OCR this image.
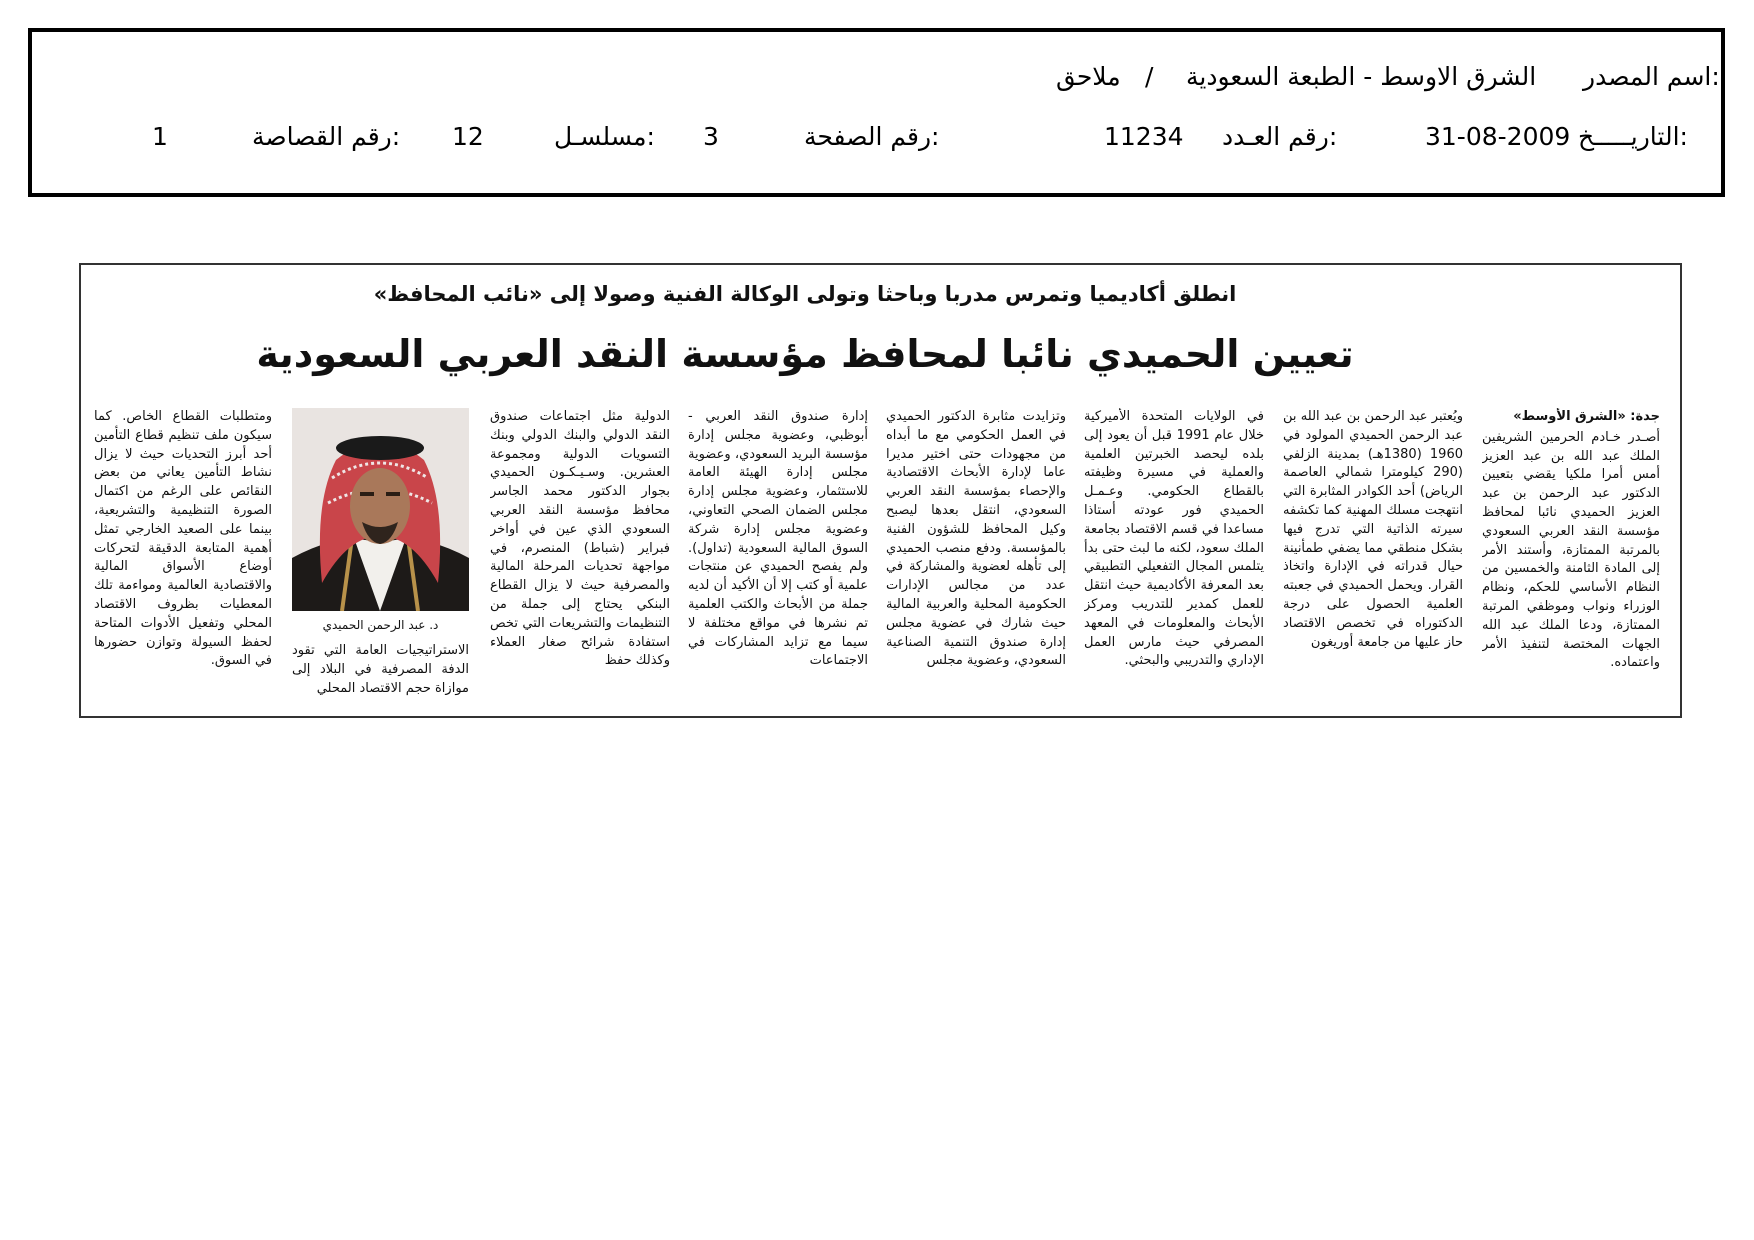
اسم المصدر:
الشرق الاوسط - الطبعة السعودية
/
ملاحق
التاريـــــخ:
31-08-2009
رقم العـدد:
11234
رقم الصفحة:
3
مسلسـل:
12
رقم القصاصة:
1
انطلق أكاديميا وتمرس مدربا وباحثا وتولى الوكالة الفنية وصولا إلى «نائب المحافظ»
تعيين الحميدي نائبا لمحافظ مؤسسة النقد العربي السعودية
جدة: «الشرق الأوسط»

أصـدر خـادم الحرمين الشريفين الملك عبد الله بن عبد العزيز أمس أمرا ملكيا يقضي بتعيين الدكتور عبد الرحمن بن عبد العزيز الحميدي نائبا لمحافظ مؤسسة النقد العربي السعودي بالمرتبة الممتازة، وأستند الأمر إلى المادة الثامنة والخمسين من النظام الأساسي للحكم، ونظام الوزراء ونواب وموظفي المرتبة الممتازة، ودعا الملك عبد الله الجهات المختصة لتنفيذ الأمر واعتماده.

ويُعتبر عبد الرحمن بن عبد الله بن عبد الرحمن الحميدي المولود في 1960 (1380هـ) بمدينة الزلفي (290 كيلومترا شمالي العاصمة الرياض) أحد الكوادر المثابرة التي انتهجت مسلك المهنية كما تكشفه سيرته الذاتية التي تدرج فيها بشكل منطقي مما يضفي طمأنينة حيال قدراته في الإدارة واتخاذ القرار. ويحمل الحميدي في جعبته العلمية الحصول على درجة الدكتوراه في تخصص الاقتصاد حاز عليها من جامعة أوريغون

في الولايات المتحدة الأميركية خلال عام 1991 قبل أن يعود إلى بلده ليحصد الخبرتين العلمية والعملية في مسيرة وظيفته بالقطاع الحكومي. وعـمـل الحميدي فور عودته أستاذا مساعدا في قسم الاقتصاد بجامعة الملك سعود، لكنه ما لبث حتى بدأ يتلمس المجال التفعيلي التطبيقي بعد المعرفة الأكاديمية حيث انتقل للعمل كمدير للتدريب ومركز الأبحاث والمعلومات في المعهد المصرفي حيث مارس العمل الإداري والتدريبي والبحثي.

وتزايدت مثابرة الدكتور الحميدي في العمل الحكومي مع ما أبداه من مجهودات حتى اختير مديرا عاما لإدارة الأبحاث الاقتصادية والإحصاء بمؤسسة النقد العربي السعودي، انتقل بعدها ليصبح وكيل المحافظ للشؤون الفنية بالمؤسسة. ودفع منصب الحميدي إلى تأهله لعضوية والمشاركة في عدد من مجالس الإدارات الحكومية المحلية والعربية المالية حيث شارك في عضوية مجلس إدارة صندوق التنمية الصناعية السعودي، وعضوية مجلس

إدارة صندوق النقد العربي - أبوظبي، وعضوية مجلس إدارة مؤسسة البريد السعودي، وعضوية مجلس إدارة الهيئة العامة للاستثمار، وعضوية مجلس إدارة مجلس الضمان الصحي التعاوني، وعضوية مجلس إدارة شركة السوق المالية السعودية (تداول). ولم يفصح الحميدي عن منتجات علمية أو كتب إلا أن الأكيد أن لديه جملة من الأبحاث والكتب العلمية تم نشرها في مواقع مختلفة لا سيما مع تزايد المشاركات في الاجتماعات

الدولية مثل اجتماعات صندوق النقد الدولي والبنك الدولي وبنك التسويات الدولية ومجموعة العشرين. وسـيـكـون الحميدي بجوار الدكتور محمد الجاسر محافظ مؤسسة النقد العربي السعودي الذي عين في أواخر فبراير (شباط) المنصرم، في مواجهة تحديات المرحلة المالية والمصرفية حيث لا يزال القطاع البنكي يحتاج إلى جملة من التنظيمات والتشريعات التي تخص استفادة شرائح صغار العملاء وكذلك حفظ

د. عبد الرحمن الحميدي

الاستراتيجيات العامة التي تقود الدفة المصرفية في البلاد إلى موازاة حجم الاقتصاد المحلي

ومتطلبات القطاع الخاص. كما سيكون ملف تنظيم قطاع التأمين أحد أبرز التحديات حيث لا يزال نشاط التأمين يعاني من بعض النقائص على الرغم من اكتمال الصورة التنظيمية والتشريعية، بينما على الصعيد الخارجي تمثل أهمية المتابعة الدقيقة لتحركات أوضاع الأسواق المالية والاقتصادية العالمية ومواءمة تلك المعطيات بظروف الاقتصاد المحلي وتفعيل الأدوات المتاحة لحفظ السيولة وتوازن حضورها في السوق.
